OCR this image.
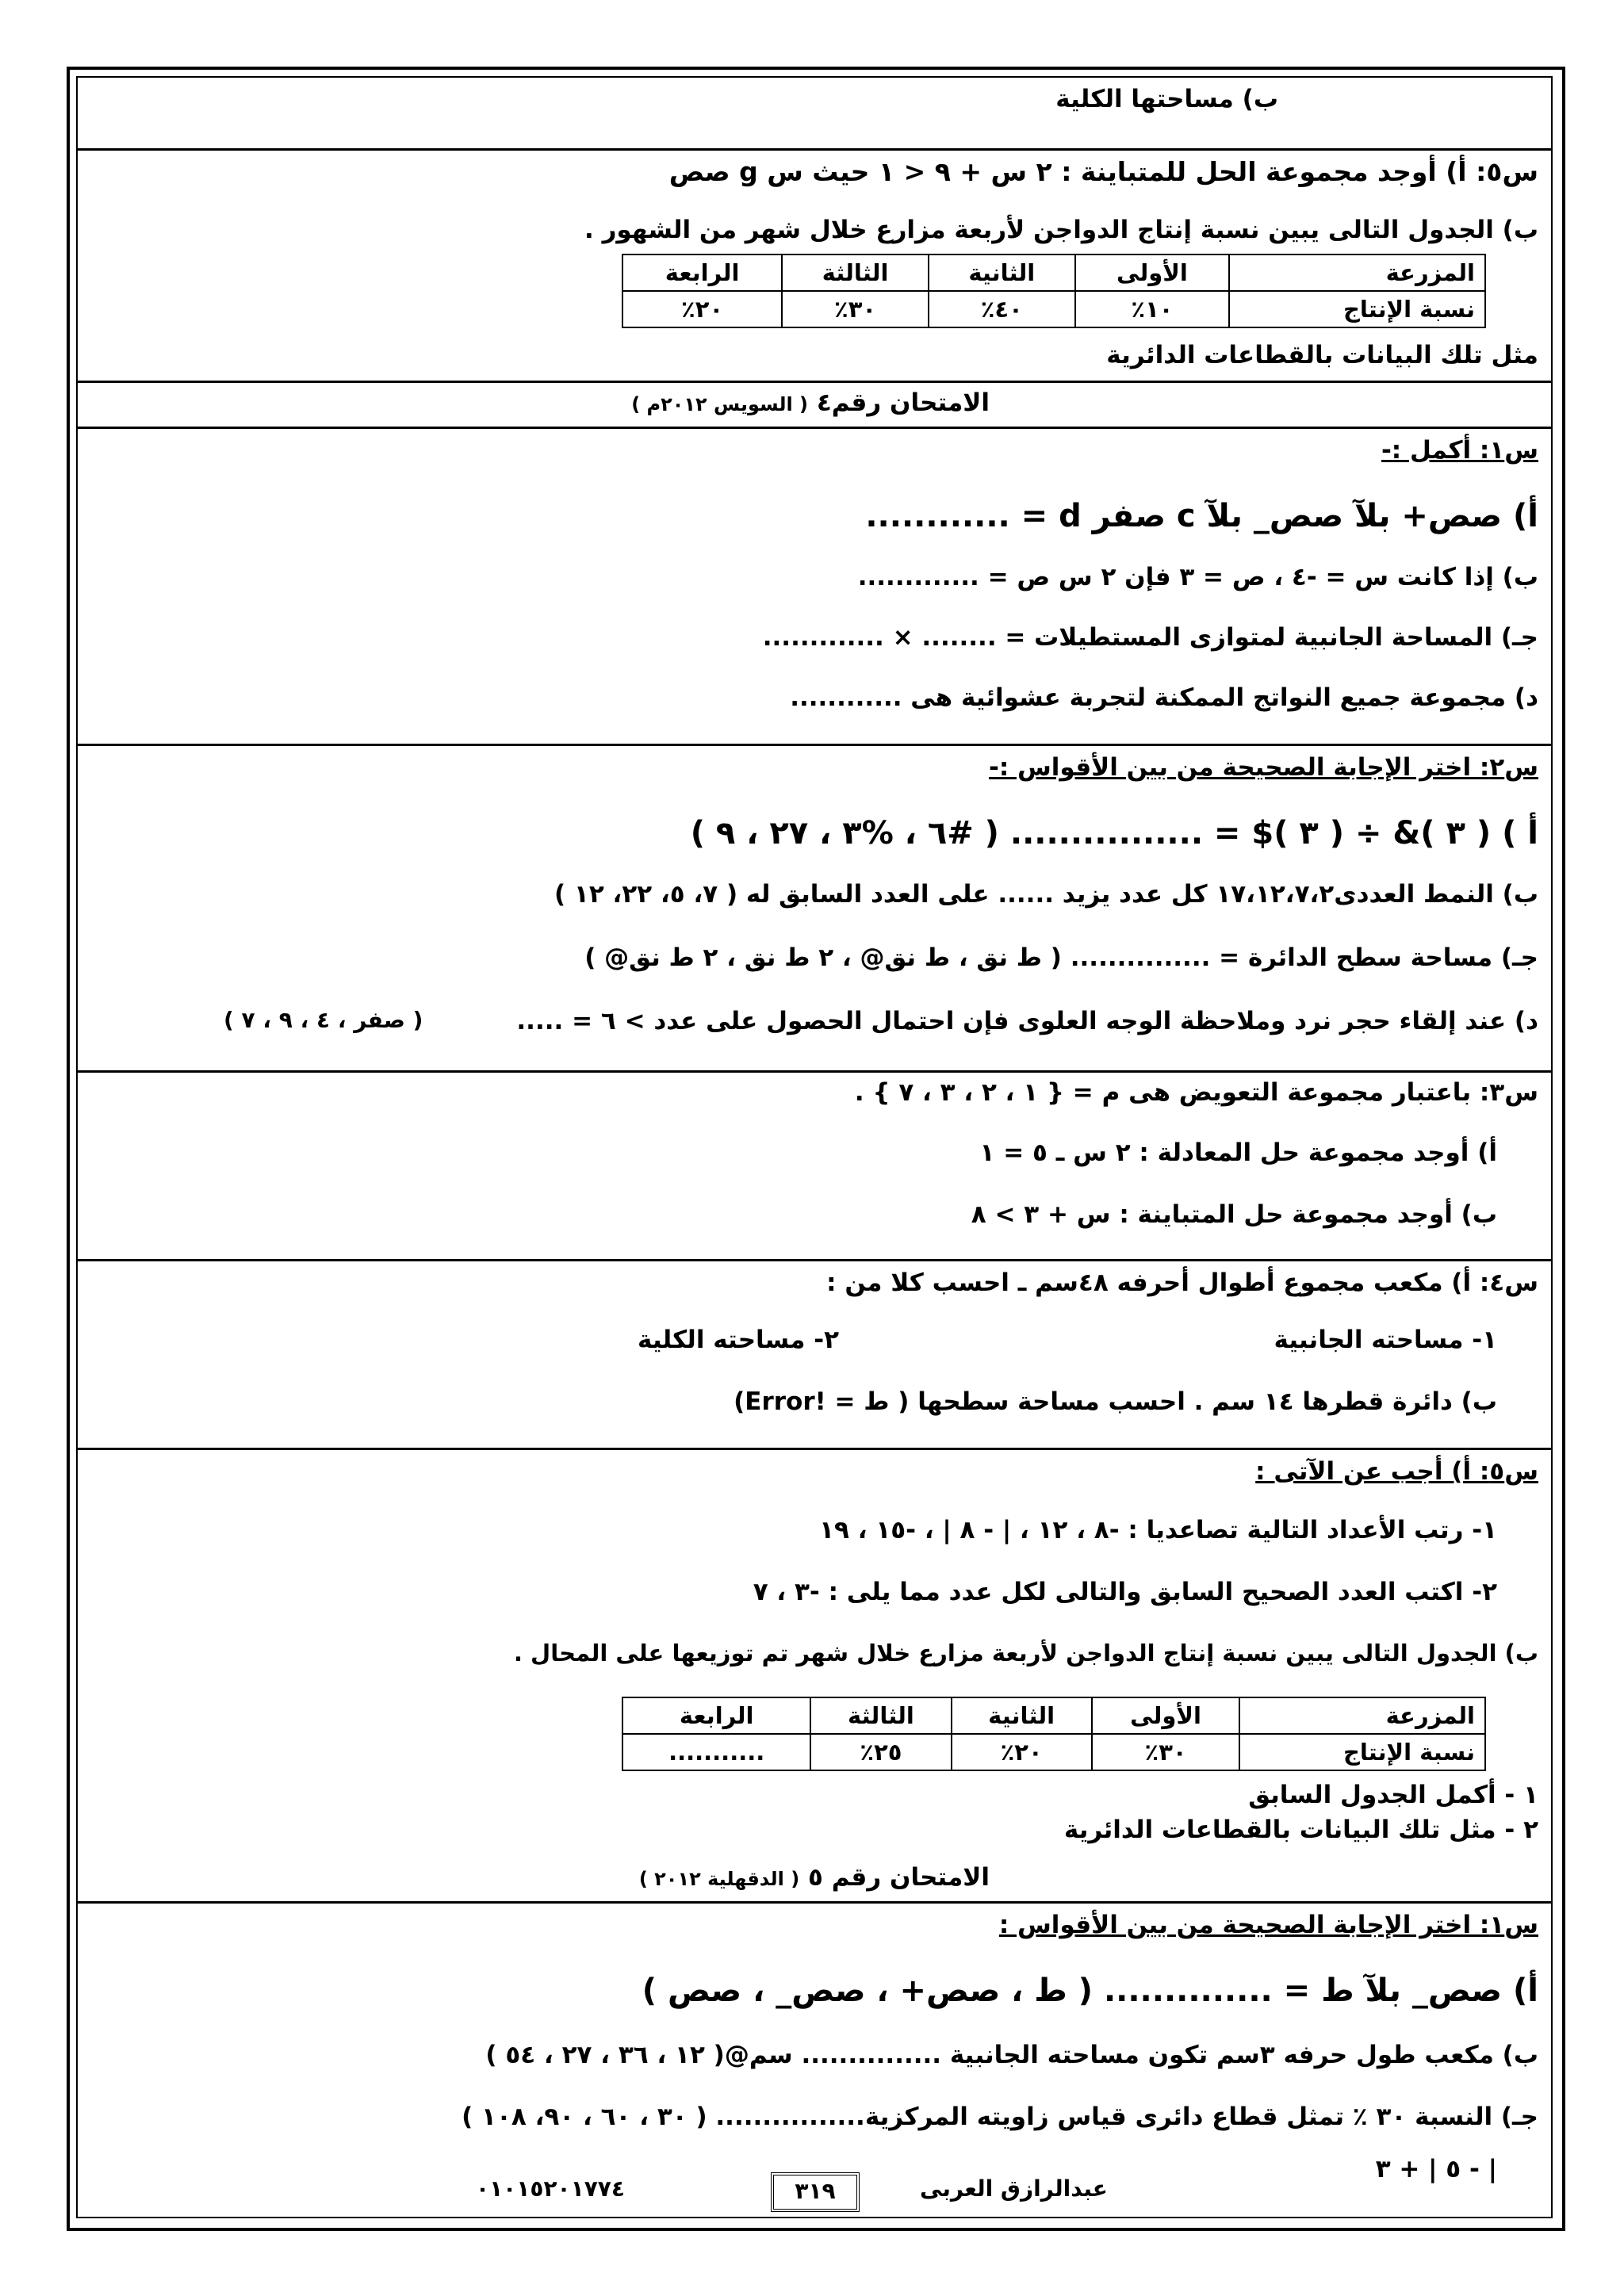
ب) مساحتها الكلية
س٥: أ) أوجد مجموعة الحل للمتباينة : ٢ س + ٩ < ١ حيث س g صص
ب) الجدول التالى يبين نسبة إنتاج الدواجن لأربعة مزارع خلال شهر من الشهور .
المزرعة	الأولى	الثانية	الثالثة	الرابعة
نسبة الإنتاج	١٠٪	٤٠٪	٣٠٪	٢٠٪
مثل تلك البيانات بالقطاعات الدائرية
الامتحان رقم٤ ( السويس ٢٠١٢م )
س١: أكمل :-
أ) صص+ بلآ صص_ بلآ c صفر d = ............
ب) إذا كانت س = -٤ ، ص = ٣ فإن ٢ س ص = .............
جـ) المساحة الجانبية لمتوازى المستطيلات = ........ × .............
د) مجموعة جميع النواتج الممكنة لتجربة عشوائية هى ............
س٢: اختر الإجابة الصحيحة من بين الأقواس :-
أ ) ( ٣ )& ÷ ( ٣ )$ = ................ ( #٦ ، %٣ ، ٢٧ ، ٩ )
ب) النمط العددى١٧،١٢،٧،٢ كل عدد يزيد ...... على العدد السابق له ( ٧، ٥، ٢٢، ١٢ )
جـ) مساحة سطح الدائرة = ............... ( ط نق ، ط نق@ ، ٢ ط نق ، ٢ ط نق@ )
د) عند إلقاء حجر نرد وملاحظة الوجه العلوى فإن احتمال الحصول على عدد > ٦ = .....
( صفر ، ٤ ، ٩ ، ٧ )
س٣: باعتبار مجموعة التعويض هى م = { ١ ، ٢ ، ٣ ، ٧ } .
أ) أوجد مجموعة حل المعادلة : ٢ س ـ ٥ = ١
ب) أوجد مجموعة حل المتباينة : س + ٣ > ٨
س٤: أ) مكعب مجموع أطوال أحرفه ٤٨سم ـ احسب كلا من :
١- مساحته الجانبية
٢- مساحته الكلية
ب) دائرة قطرها ١٤ سم . احسب مساحة سطحها ( ط = !Error)
س٥: أ) أجب عن الآتى :
١- رتب الأعداد التالية تصاعديا : -٨ ، ١٢ ، | - ٨ | ، -١٥ ، ١٩
٢- اكتب العدد الصحيح السابق والتالى لكل عدد مما يلى : -٣ ، ٧
ب) الجدول التالى يبين نسبة إنتاج الدواجن لأربعة مزارع خلال شهر تم توزيعها على المحال .
المزرعة	الأولى	الثانية	الثالثة	الرابعة
نسبة الإنتاج	٣٠٪	٢٠٪	٢٥٪	...........
١ - أكمل الجدول السابق
٢ - مثل تلك البيانات بالقطاعات الدائرية
الامتحان رقم ٥ ( الدقهلية ٢٠١٢ )
س١: اختر الإجابة الصحيحة من بين الأقواس :
أ) صص_ بلآ ط = .............. ( ط ، صص+ ، صص_ ، صص )
ب) مكعب طول حرفه ٣سم تكون مساحته الجانبية ............... سم@( ١٢ ، ٣٦ ، ٢٧ ، ٥٤ )
جـ) النسبة ٣٠ ٪ تمثل قطاع دائرى قياس زاويته المركزية................ ( ٣٠ ، ٦٠ ، ٩٠، ١٠٨ )
| - ٥ | + ٣
عبدالرازق العربى
٣١٩
٠١٠١٥٢٠١٧٧٤
